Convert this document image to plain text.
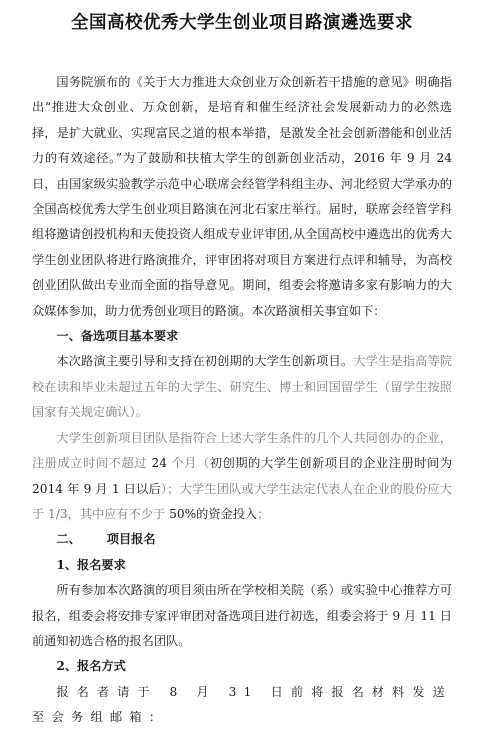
全国高校优秀大学生创业项目路演遴选要求

国务院颁布的《关于大力推进大众创业万众创新若干措施的意见》明确指出“推进大众创业、万众创新，是培育和催生经济社会发展新动力的必然选择，是扩大就业、实现富民之道的根本举措，是激发全社会创新潜能和创业活力的有效途径。”为了鼓励和扶植大学生的创新创业活动，2016 年 9 月 24 日，由国家级实验教学示范中心联席会经管学科组主办、河北经贸大学承办的全国高校优秀大学生创业项目路演在河北石家庄举行。届时，联席会经管学科组将邀请创投机构和天使投资人组成专业评审团,从全国高校中遴选出的优秀大学生创业团队将进行路演推介，评审团将对项目方案进行点评和辅导，为高校创业团队做出专业而全面的指导意见。期间，组委会将邀请多家有影响力的大众媒体参加，助力优秀创业项目的路演。本次路演相关事宜如下：

一、备选项目基本要求

本次路演主要引导和支持在初创期的大学生创新项目。大学生是指高等院校在读和毕业未超过五年的大学生、研究生、博士和回国留学生（留学生按照国家有关规定确认）。

大学生创新项目团队是指符合上述大学生条件的几个人共同创办的企业，注册成立时间不超过 24 个月（初创期的大学生创新项目的企业注册时间为 2014 年 9 月 1 日以后）；大学生团队或大学生法定代表人在企业的股份应大于 1/3，其中应有不少于 50%的资金投入；

二、 项目报名

1、报名要求

所有参加本次路演的项目须由所在学校相关院（系）或实验中心推荐方可报名，组委会将安排专家评审团对备选项目进行初选，组委会将于 9 月 11 日前通知初选合格的报名团队。

2、报名方式

报名者请于 8 月 31 日前将报名材料发送至会务组邮箱：
